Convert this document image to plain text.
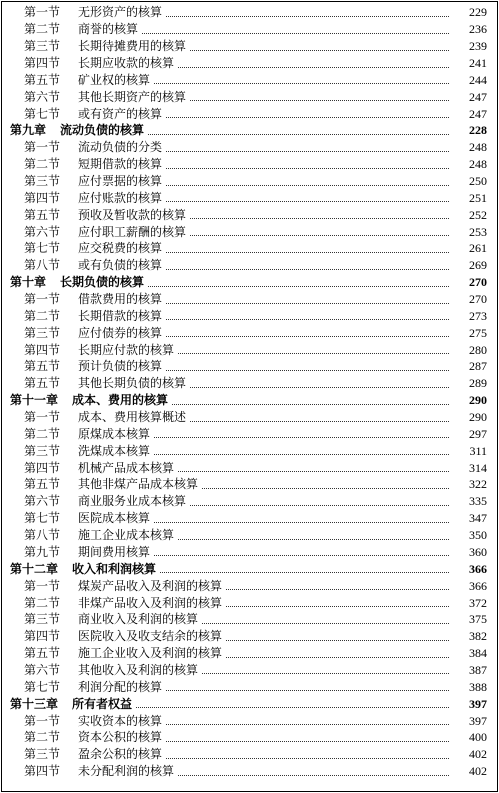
第一节	无形资产的核算	229
第二节	商誉的核算	236
第三节	长期待摊费用的核算	239
第四节	长期应收款的核算	241
第五节	矿业权的核算	244
第六节	其他长期资产的核算	247
第七节	或有资产的核算	247
第九章 流动负债的核算	228
第一节	流动负债的分类	248
第二节	短期借款的核算	248
第三节	应付票据的核算	250
第四节	应付账款的核算	251
第五节	预收及暂收款的核算	252
第六节	应付职工薪酬的核算	253
第七节	应交税费的核算	261
第八节	或有负债的核算	269
第十章 长期负债的核算	270
第一节	借款费用的核算	270
第二节	长期借款的核算	273
第三节	应付债券的核算	275
第四节	长期应付款的核算	280
第五节	预计负债的核算	287
第五节	其他长期负债的核算	289
第十一章 成本、费用的核算	290
第一节	成本、费用核算概述	290
第二节	原煤成本核算	297
第三节	洗煤成本核算	311
第四节	机械产品成本核算	314
第五节	其他非煤产品成本核算	322
第六节	商业服务业成本核算	335
第七节	医院成本核算	347
第八节	施工企业成本核算	350
第九节	期间费用核算	360
第十二章 收入和利润核算	366
第一节	煤炭产品收入及利润的核算	366
第二节	非煤产品收入及利润的核算	372
第三节	商业收入及利润的核算	375
第四节	医院收入及收支结余的核算	382
第五节	施工企业收入及利润的核算	384
第六节	其他收入及利润的核算	387
第七节	利润分配的核算	388
第十三章 所有者权益	397
第一节	实收资本的核算	397
第二节	资本公积的核算	400
第三节	盈余公积的核算	402
第四节	未分配利润的核算	402
